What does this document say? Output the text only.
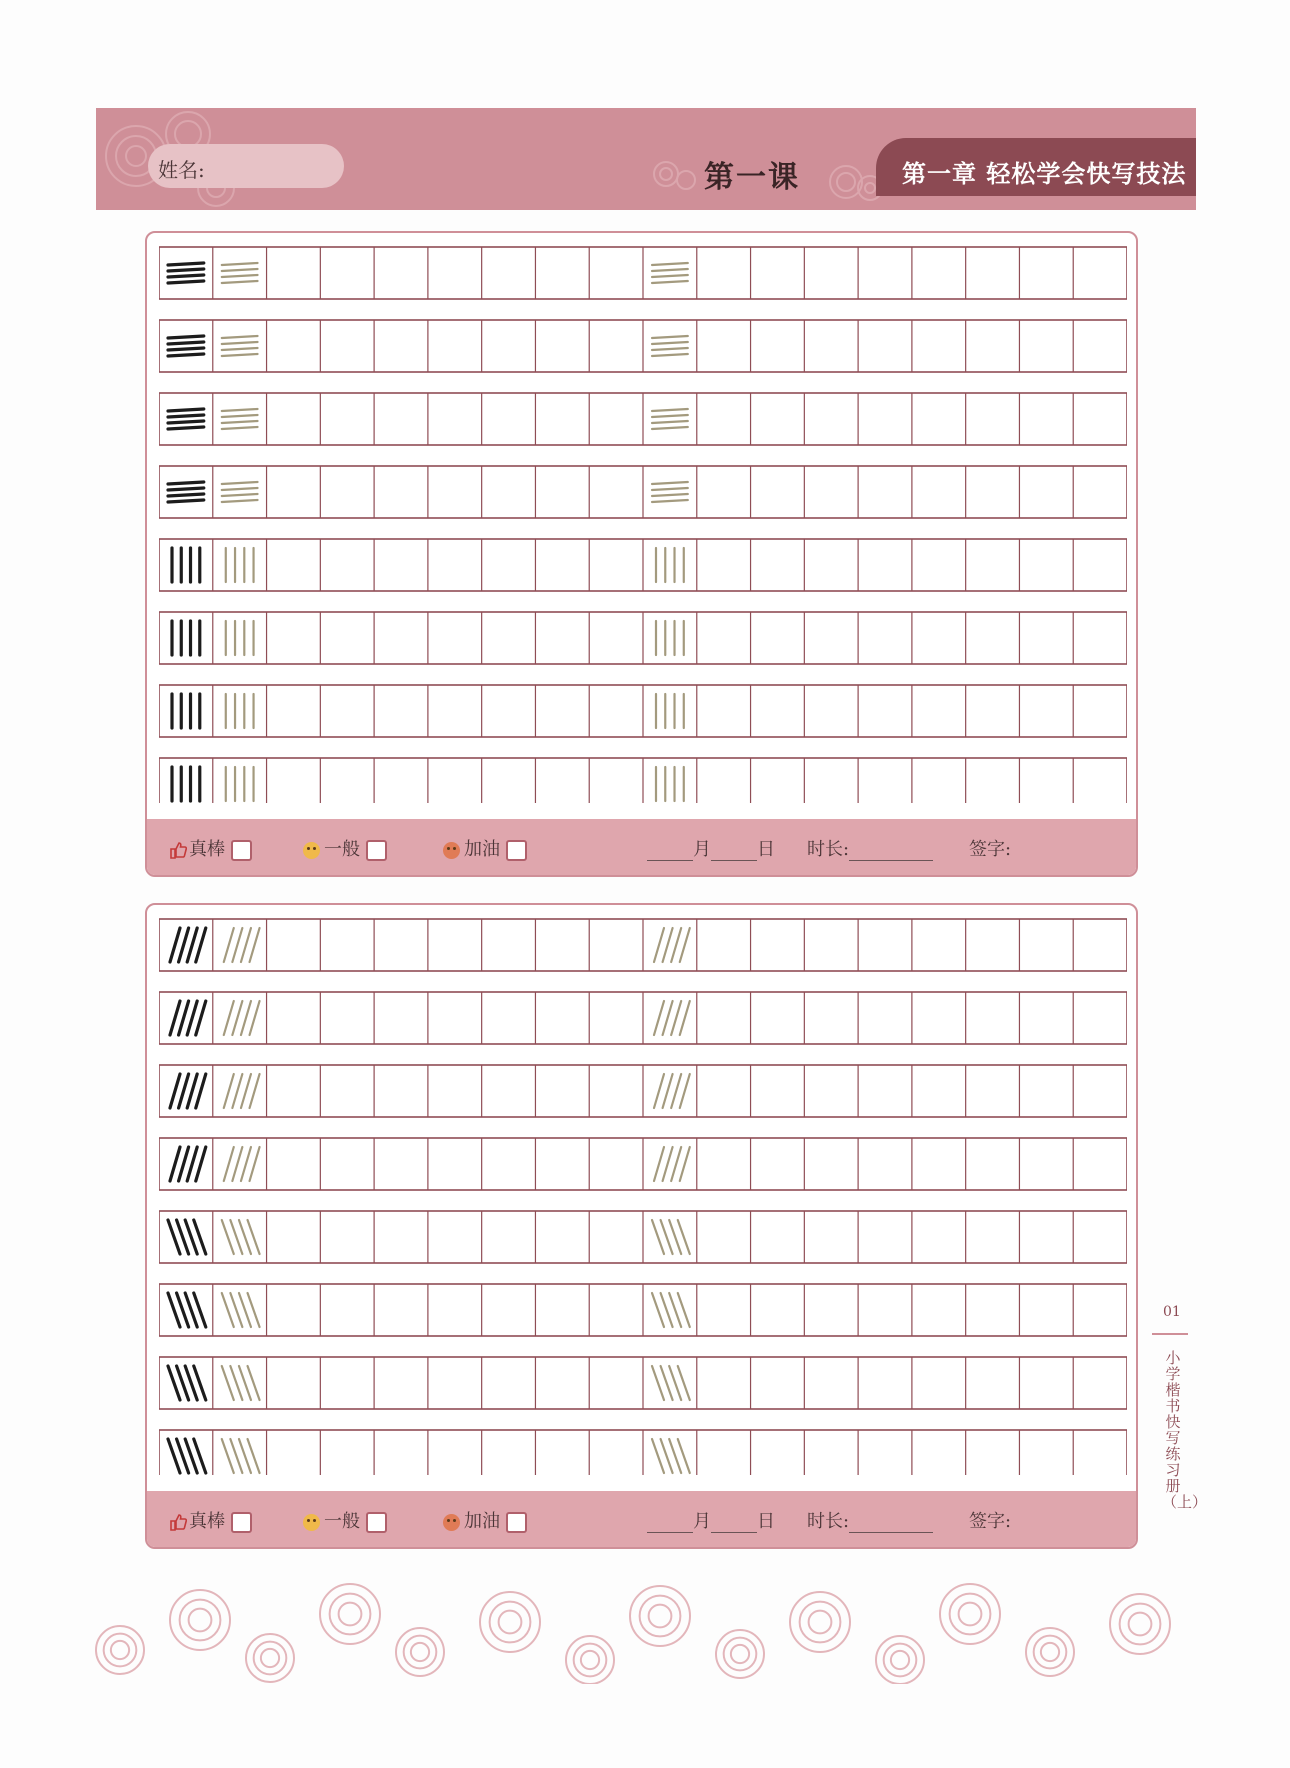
姓名:	第一课	第一章 轻松学会快写技法
真棒	一般	加油	月	日 时长:	签字:
真棒	一般	加油	月	日 时长:	签字:
01
小学楷书快写练习册（上）
